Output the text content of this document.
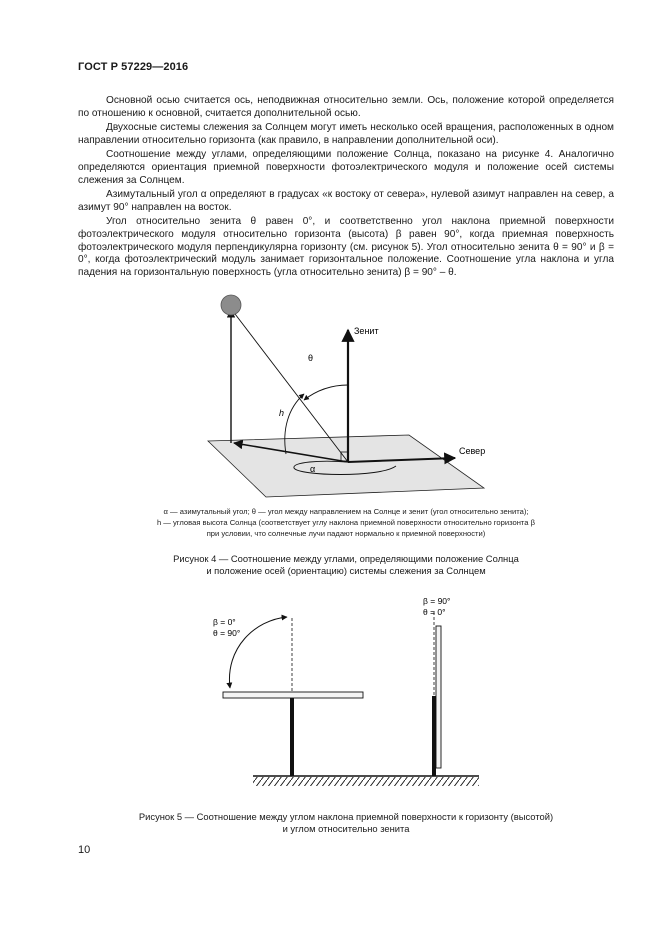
ГОСТ Р 57229—2016

Основной осью считается ось, неподвижная относительно земли. Ось, положение которой определяется по отношению к основной, считается дополнительной осью.

Двухосные системы слежения за Солнцем могут иметь несколько осей вращения, расположенных в одном направлении относительно горизонта (как правило, в направлении дополнительной оси).

Соотношение между углами, определяющими положение Солнца, показано на рисунке 4. Аналогично определяются ориентация приемной поверхности фотоэлектрического модуля и положение осей системы слежения за Солнцем.

Азимутальный угол α определяют в градусах «к востоку от севера», нулевой азимут направлен на север, а азимут 90° направлен на восток.

Угол относительно зенита θ равен 0°, и соответственно угол наклона приемной поверхности фотоэлектрического модуля относительно горизонта (высота) β равен 90°, когда приемная поверхность фотоэлектрического модуля перпендикулярна горизонту (см. рисунок 5). Угол относительно зенита θ = 90° и β = 0°, когда фотоэлектрический модуль занимает горизонтальное положение. Соотношение угла наклона и угла падения на горизонтальную поверхность (угла относительно зенита) β = 90° – θ.

Зенит
Север
θ
h
α
α — азимутальный угол; θ — угол между направлением на Солнце и зенит (угол относительно зенита);
h — угловая высота Солнца (соответствует углу наклона приемной поверхности относительно горизонта β
при условии, что солнечные лучи падают нормально к приемной поверхности)
Рисунок 4 — Соотношение между углами, определяющими положение Солнца
и положение осей (ориентацию) системы слежения за Солнцем
β = 0°
θ = 90°
β = 90°
θ = 0°
Рисунок 5 — Соотношение между углом наклона приемной поверхности к горизонту (высотой)
и углом относительно зенита
10
